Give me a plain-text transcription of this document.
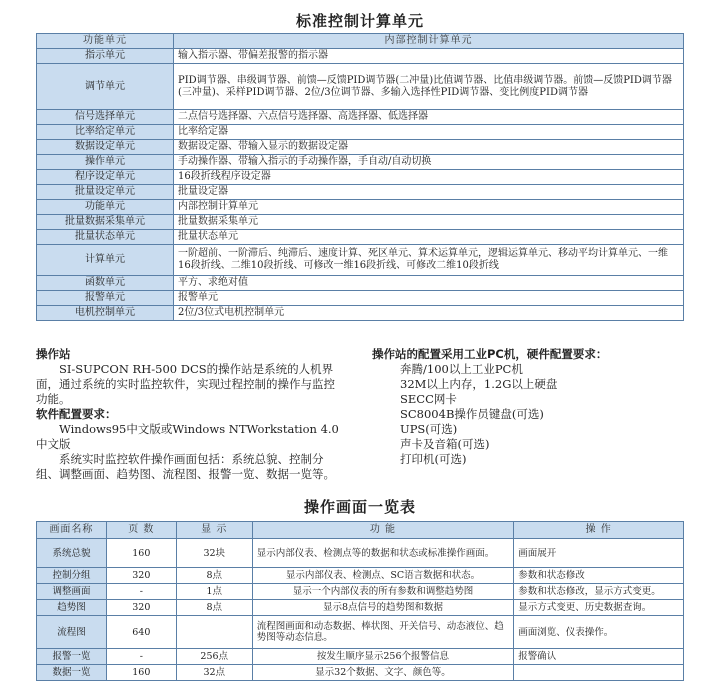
标准控制计算单元
功能单元	内部控制计算单元
指示单元	输入指示器、带偏差报警的指示器
调节单元	PID调节器、串级调节器、前馈—反馈PID调节器(二冲量)比值调节器、比值串级调节器。前馈—反馈PID调节器(三冲量)、采样PID调节器、2位/3位调节器、多输入选择性PID调节器、变比例度PID调节器
信号选择单元	二点信号选择器、六点信号选择器、高选择器、低选择器
比率给定单元	比率给定器
数据设定单元	数据设定器、带输入显示的数据设定器
操作单元	手动操作器、带输入指示的手动操作器，手自动/自动切换
程序设定单元	16段折线程序设定器
批量设定单元	批量设定器
功能单元	内部控制计算单元
批量数据采集单元	批量数据采集单元
批量状态单元	批量状态单元
计算单元	一阶超前、一阶滞后、纯滞后、速度计算、死区单元、算术运算单元，逻辑运算单元、移动平均计算单元、一维16段折线、二维10段折线、可修改一维16段折线、可修改二维10段折线
函数单元	平方、求绝对值
报警单元	报警单元
电机控制单元	2位/3位式电机控制单元

操作站

SI-SUPCON RH-500 DCS的操作站是系统的人机界面，通过系统的实时监控软件，实现过程控制的操作与监控功能。

软件配置要求：

Windows95中文版或Windows NTWorkstation 4.0中文版

系统实时监控软件操作画面包括：系统总貌、控制分组、调整画面、趋势图、流程图、报警一览、数据一览等。

操作站的配置采用工业PC机，硬件配置要求：

奔腾/100以上工业PC机

32M以上内存，1.2G以上硬盘

SECC网卡

SC8004B操作员键盘(可选)

UPS(可选)

声卡及音箱(可选)

打印机(可选)

操作画面一览表
画面名称	页 数	显 示	功 能	操 作
系统总貌	160	32块	显示内部仪表、检测点等的数据和状态或标准操作画面。	画面展开
控制分组	320	8点	显示内部仪表、检测点、SC语言数据和状态。	参数和状态修改
调整画面	-	1点	显示一个内部仪表的所有参数和调整趋势图	参数和状态修改，显示方式变更。
趋势图	320	8点	显示8点信号的趋势图和数据	显示方式变更、历史数据查询。
流程图	640		流程图画面和动态数据、棒状图、开关信号、动态液位、趋势图等动态信息。	画面浏览、仪表操作。
报警一览	-	256点	按发生顺序显示256个报警信息	报警确认
数据一览	160	32点	显示32个数据、文字、颜色等。	
